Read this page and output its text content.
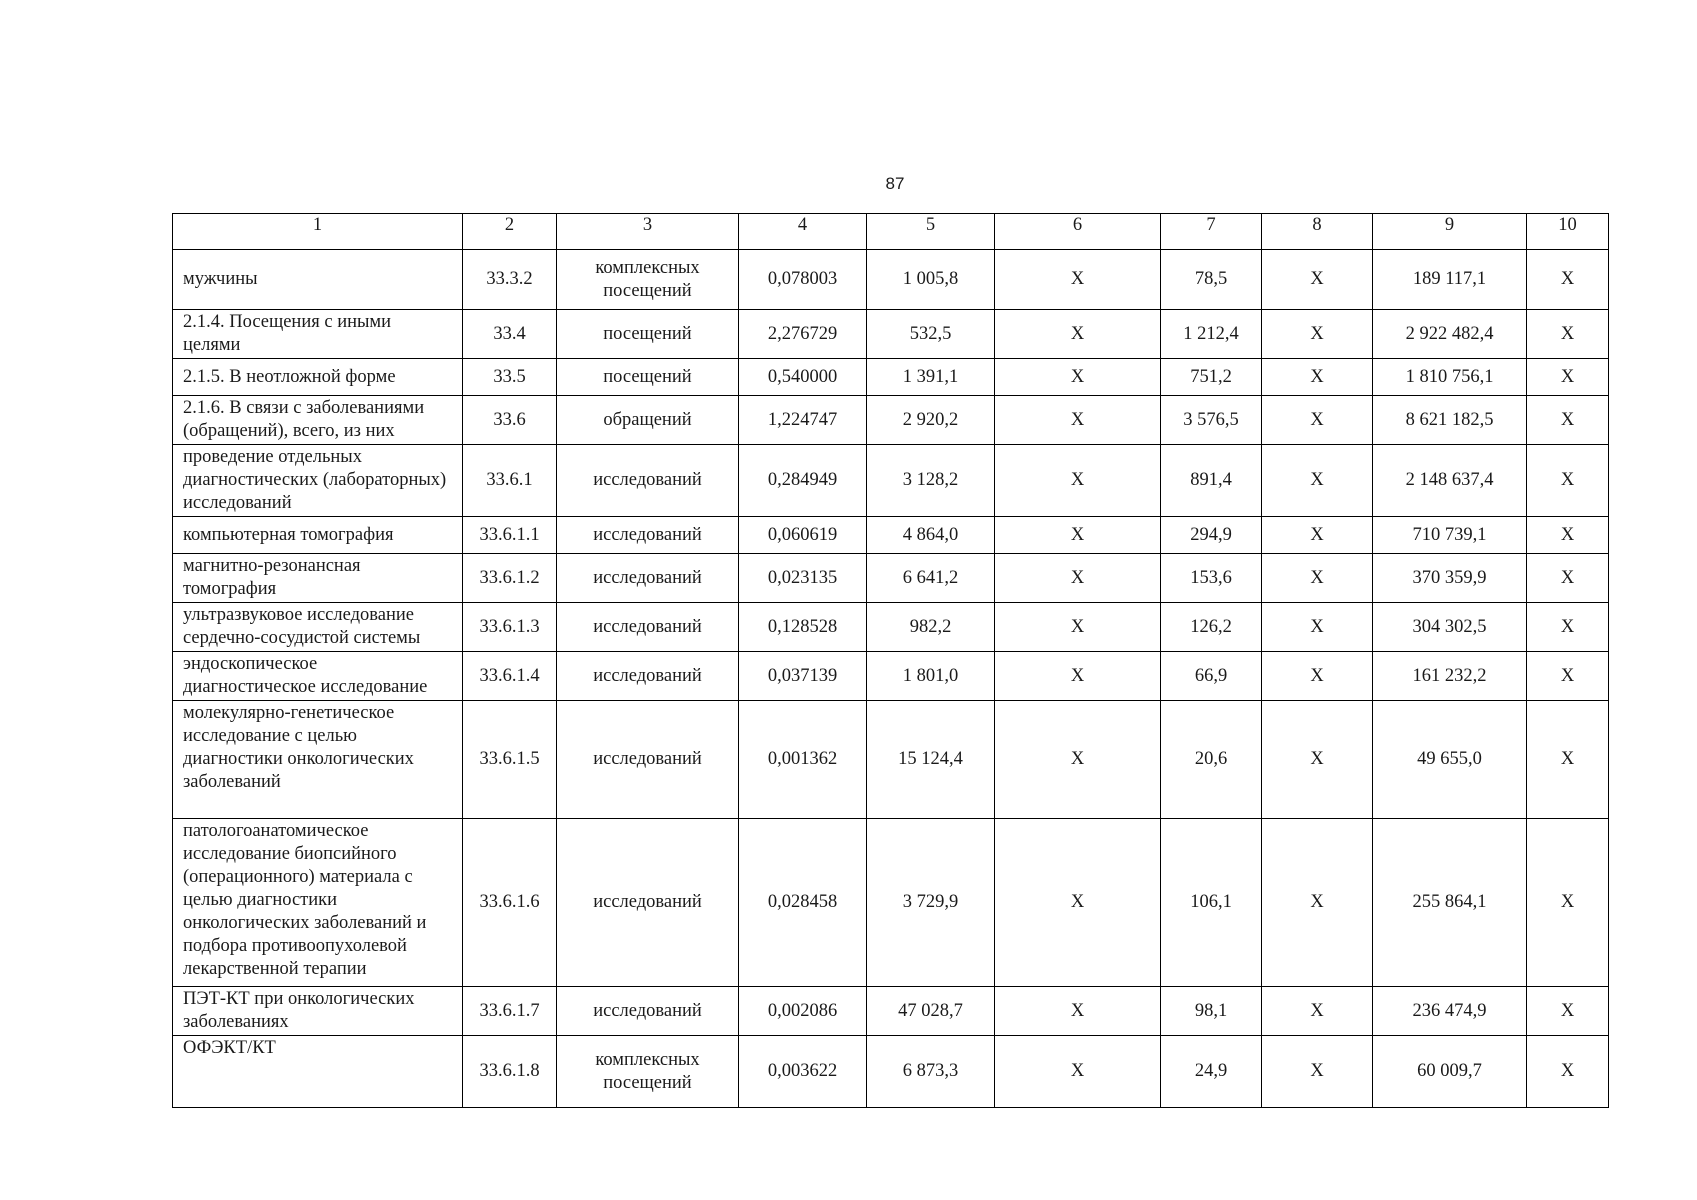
87
1	2	3	4	5	6	7	8	9	10
мужчины	33.3.2	комплексных посещений	0,078003	1 005,8	Х	78,5	Х	189 117,1	Х
2.1.4. Посещения с иными целями	33.4	посещений	2,276729	532,5	Х	1 212,4	Х	2 922 482,4	Х
2.1.5. В неотложной форме	33.5	посещений	0,540000	1 391,1	Х	751,2	Х	1 810 756,1	Х
2.1.6. В связи с заболеваниями (обращений), всего, из них	33.6	обращений	1,224747	2 920,2	Х	3 576,5	Х	8 621 182,5	Х
проведение отдельных диагностических (лабораторных) исследований	33.6.1	исследований	0,284949	3 128,2	Х	891,4	Х	2 148 637,4	Х
компьютерная томография	33.6.1.1	исследований	0,060619	4 864,0	Х	294,9	Х	710 739,1	Х
магнитно-резонансная томография	33.6.1.2	исследований	0,023135	6 641,2	Х	153,6	Х	370 359,9	Х
ультразвуковое исследование сердечно-сосудистой системы	33.6.1.3	исследований	0,128528	982,2	Х	126,2	Х	304 302,5	Х
эндоскопическое диагностическое исследование	33.6.1.4	исследований	0,037139	1 801,0	Х	66,9	Х	161 232,2	Х
молекулярно-генетическое исследование с целью диагностики онкологических заболеваний	33.6.1.5	исследований	0,001362	15 124,4	Х	20,6	Х	49 655,0	Х
патологоанатомическое исследование биопсийного (операционного) материала с целью диагностики онкологических заболеваний и подбора противоопухолевой лекарственной терапии	33.6.1.6	исследований	0,028458	3 729,9	Х	106,1	Х	255 864,1	Х
ПЭТ-КТ при онкологических заболеваниях	33.6.1.7	исследований	0,002086	47 028,7	Х	98,1	Х	236 474,9	Х
ОФЭКТ/КТ	33.6.1.8	комплексных посещений	0,003622	6 873,3	Х	24,9	Х	60 009,7	Х
